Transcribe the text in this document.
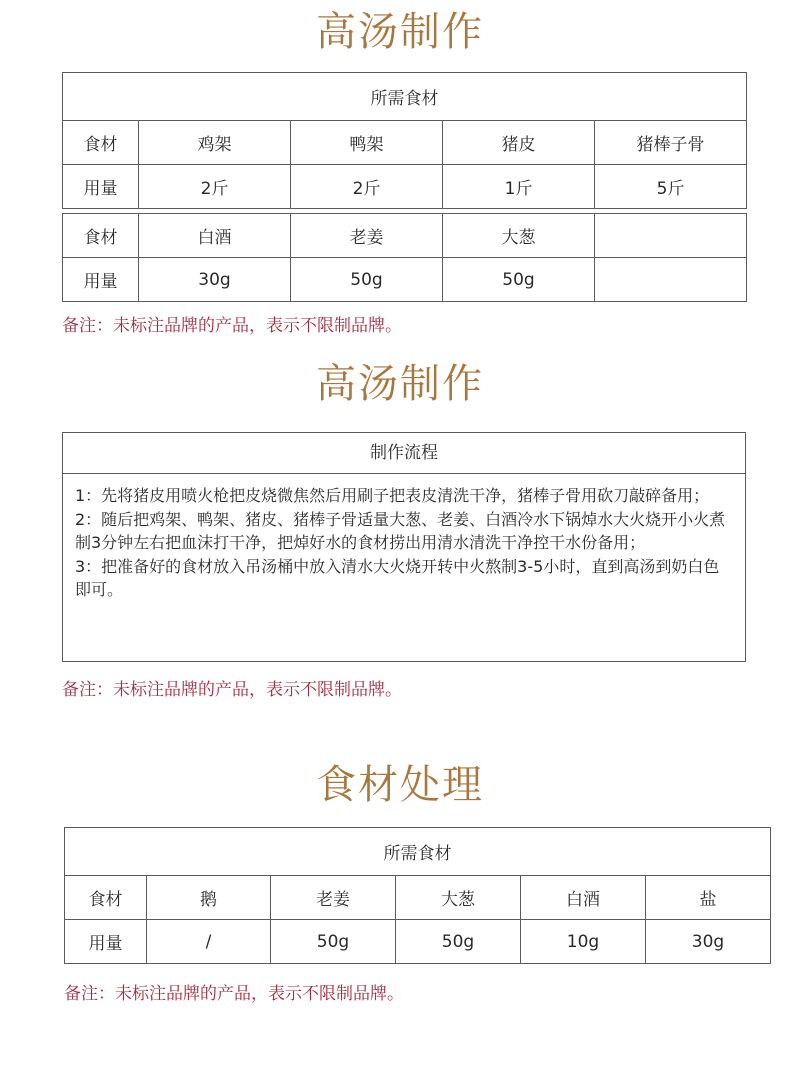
高汤制作
所需食材				
食材	鸡架	鸭架	猪皮	猪棒子骨
用量	2斤	2斤	1斤	5斤
食材	白酒	老姜	大葱	
用量	30g	50g	50g	

备注：未标注品牌的产品，表示不限制品牌。

高汤制作
制作流程

1：先将猪皮用喷火枪把皮烧微焦然后用刷子把表皮清洗干净，猪棒子骨用砍刀敲碎备用；

2：随后把鸡架、鸭架、猪皮、猪棒子骨适量大葱、老姜、白酒冷水下锅焯水大火烧开小火煮制3分钟左右把血沫打干净，把焯好水的食材捞出用清水清洗干净控干水份备用；

3：把准备好的食材放入吊汤桶中放入清水大火烧开转中火熬制3-5小时，直到高汤到奶白色即可。

备注：未标注品牌的产品，表示不限制品牌。

食材处理
所需食材					
食材	鹅	老姜	大葱	白酒	盐
用量	/	50g	50g	10g	30g

备注：未标注品牌的产品，表示不限制品牌。
